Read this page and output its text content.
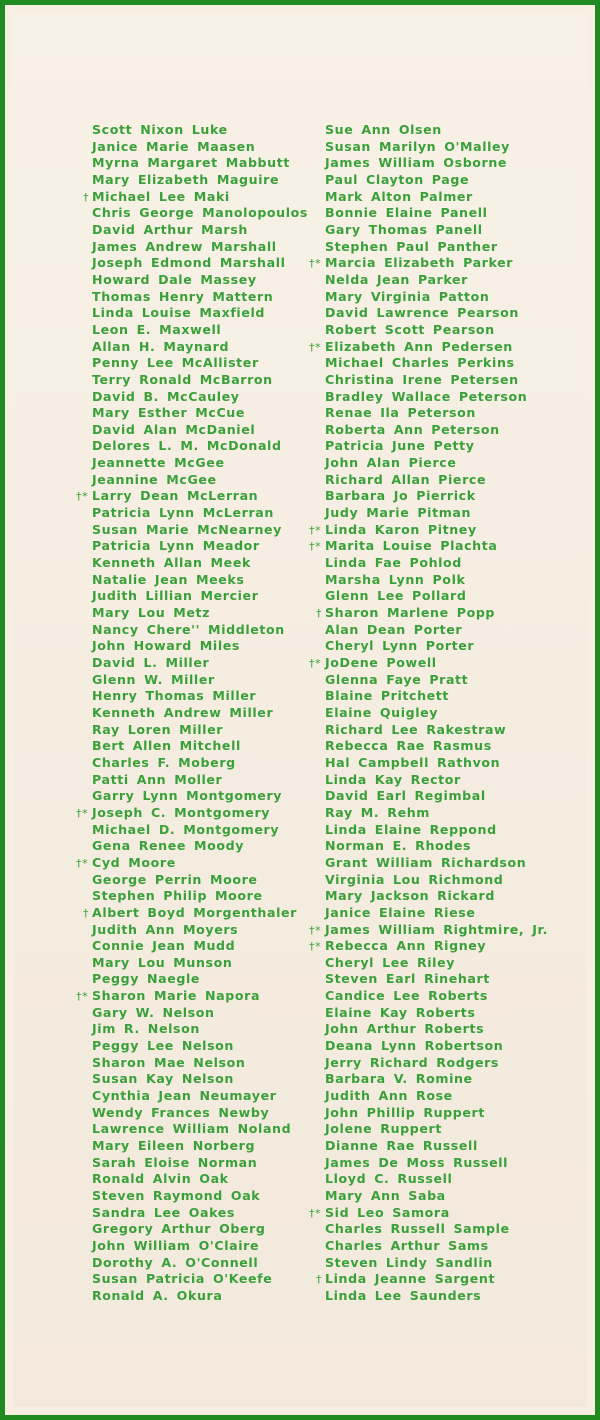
Scott Nixon Luke
Janice Marie Maasen
Myrna Margaret Mabbutt
Mary Elizabeth Maguire
† Michael Lee Maki
Chris George Manolopoulos
David Arthur Marsh
James Andrew Marshall
Joseph Edmond Marshall
Howard Dale Massey
Thomas Henry Mattern
Linda Louise Maxfield
Leon E. Maxwell
Allan H. Maynard
Penny Lee McAllister
Terry Ronald McBarron
David B. McCauley
Mary Esther McCue
David Alan McDaniel
Delores L. M. McDonald
Jeannette McGee
Jeannine McGee
†* Larry Dean McLerran
Patricia Lynn McLerran
Susan Marie McNearney
Patricia Lynn Meador
Kenneth Allan Meek
Natalie Jean Meeks
Judith Lillian Mercier
Mary Lou Metz
Nancy Chere'' Middleton
John Howard Miles
David L. Miller
Glenn W. Miller
Henry Thomas Miller
Kenneth Andrew Miller
Ray Loren Miller
Bert Allen Mitchell
Charles F. Moberg
Patti Ann Moller
Garry Lynn Montgomery
†* Joseph C. Montgomery
Michael D. Montgomery
Gena Renee Moody
†* Cyd Moore
George Perrin Moore
Stephen Philip Moore
† Albert Boyd Morgenthaler
Judith Ann Moyers
Connie Jean Mudd
Mary Lou Munson
Peggy Naegle
†* Sharon Marie Napora
Gary W. Nelson
Jim R. Nelson
Peggy Lee Nelson
Sharon Mae Nelson
Susan Kay Nelson
Cynthia Jean Neumayer
Wendy Frances Newby
Lawrence William Noland
Mary Eileen Norberg
Sarah Eloise Norman
Ronald Alvin Oak
Steven Raymond Oak
Sandra Lee Oakes
Gregory Arthur Oberg
John William O'Claire
Dorothy A. O'Connell
Susan Patricia O'Keefe
Ronald A. Okura
Sue Ann Olsen
Susan Marilyn O'Malley
James William Osborne
Paul Clayton Page
Mark Alton Palmer
Bonnie Elaine Panell
Gary Thomas Panell
Stephen Paul Panther
†* Marcia Elizabeth Parker
Nelda Jean Parker
Mary Virginia Patton
David Lawrence Pearson
Robert Scott Pearson
†* Elizabeth Ann Pedersen
Michael Charles Perkins
Christina Irene Petersen
Bradley Wallace Peterson
Renae Ila Peterson
Roberta Ann Peterson
Patricia June Petty
John Alan Pierce
Richard Allan Pierce
Barbara Jo Pierrick
Judy Marie Pitman
†* Linda Karon Pitney
†* Marita Louise Plachta
Linda Fae Pohlod
Marsha Lynn Polk
Glenn Lee Pollard
† Sharon Marlene Popp
Alan Dean Porter
Cheryl Lynn Porter
†* JoDene Powell
Glenna Faye Pratt
Blaine Pritchett
Elaine Quigley
Richard Lee Rakestraw
Rebecca Rae Rasmus
Hal Campbell Rathvon
Linda Kay Rector
David Earl Regimbal
Ray M. Rehm
Linda Elaine Reppond
Norman E. Rhodes
Grant William Richardson
Virginia Lou Richmond
Mary Jackson Rickard
Janice Elaine Riese
†* James William Rightmire, Jr.
†* Rebecca Ann Rigney
Cheryl Lee Riley
Steven Earl Rinehart
Candice Lee Roberts
Elaine Kay Roberts
John Arthur Roberts
Deana Lynn Robertson
Jerry Richard Rodgers
Barbara V. Romine
Judith Ann Rose
John Phillip Ruppert
Jolene Ruppert
Dianne Rae Russell
James De Moss Russell
Lloyd C. Russell
Mary Ann Saba
†* Sid Leo Samora
Charles Russell Sample
Charles Arthur Sams
Steven Lindy Sandlin
† Linda Jeanne Sargent
Linda Lee Saunders
